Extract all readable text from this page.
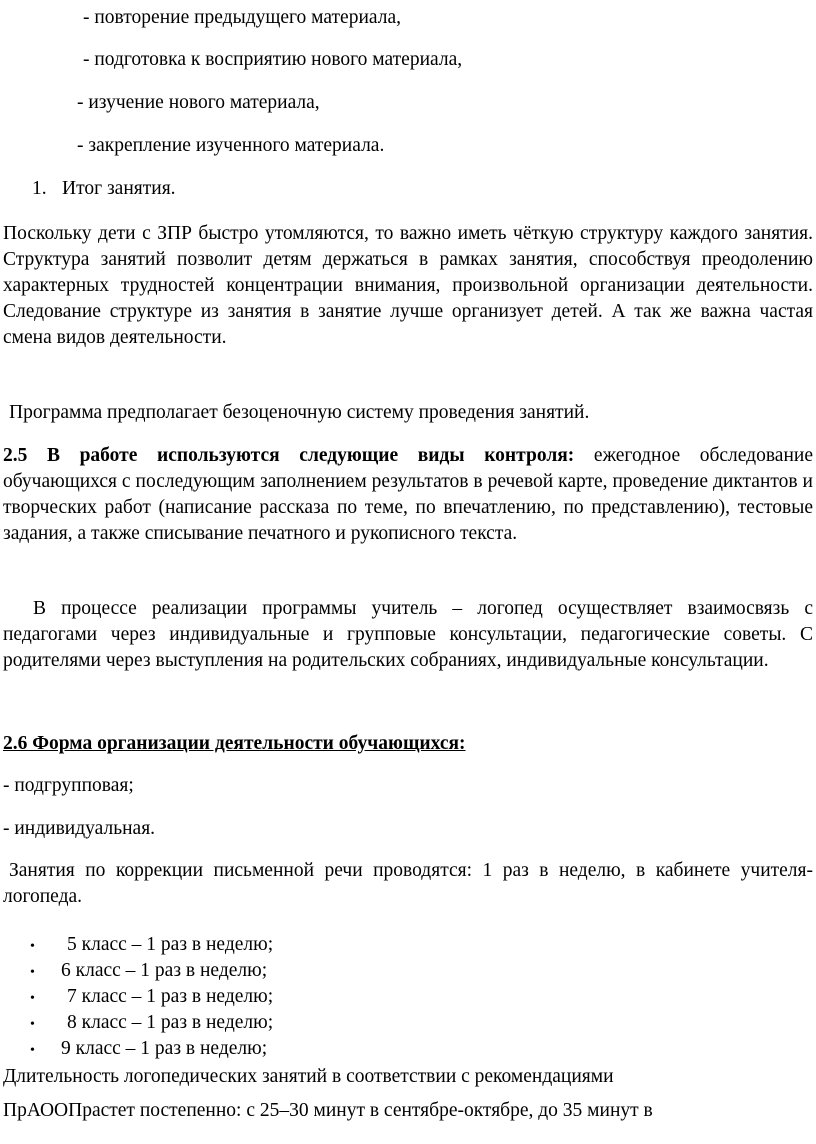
- повторение предыдущего материала,
- подготовка к восприятию нового материала,
- изучение нового материала,
- закрепление изученного материала.
1. Итог занятия.
Поскольку дети с ЗПР быстро утомляются, то важно иметь чёткую структуру каждого занятия. Структура занятий позволит детям держаться в рамках занятия, способствуя преодолению характерных трудностей концентрации внимания, произвольной организации деятельности. Следование структуре из занятия в занятие лучше организует детей. А так же важна частая смена видов деятельности.
Программа предполагает безоценочную систему проведения занятий.
2.5 В работе используются следующие виды контроля: ежегодное обследование обучающихся с последующим заполнением результатов в речевой карте, проведение диктантов и творческих работ (написание рассказа по теме, по впечатлению, по представлению), тестовые задания, а также списывание печатного и рукописного текста.
В процессе реализации программы учитель – логопед осуществляет взаимосвязь с педагогами через индивидуальные и групповые консультации, педагогические советы. С родителями через выступления на родительских собраниях, индивидуальные консультации.
2.6 Форма организации деятельности обучающихся:
- подгрупповая;
- индивидуальная.
Занятия по коррекции письменной речи проводятся: 1 раз в неделю, в кабинете учителя-логопеда.
• 5 класс – 1 раз в неделю;
• 6 класс – 1 раз в неделю;
• 7 класс – 1 раз в неделю;
• 8 класс – 1 раз в неделю;
• 9 класс – 1 раз в неделю;
Длительность логопедических занятий в соответствии с рекомендациями
ПрАООПрастет постепенно: с 25–30 минут в сентябре-октябре, до 35 минут в
